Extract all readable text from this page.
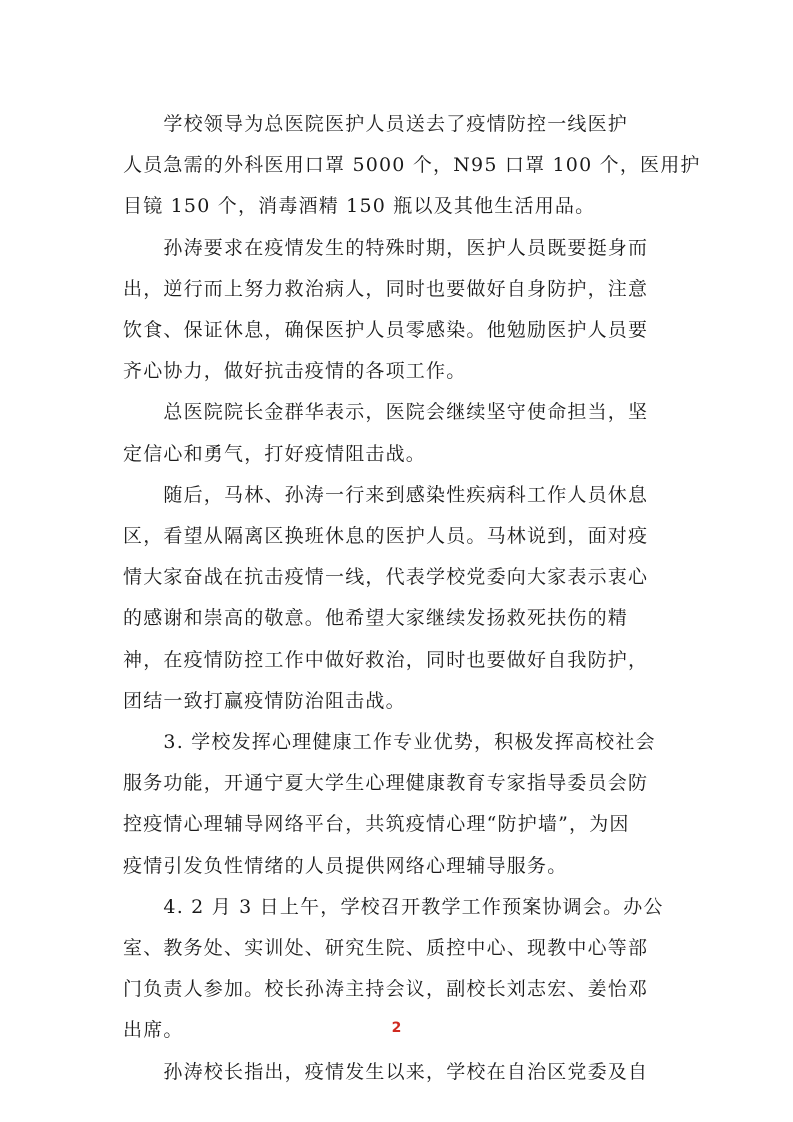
　　学校领导为总医院医护人员送去了疫情防控一线医护
人员急需的外科医用口罩 5000 个，N95 口罩 100 个，医用护
目镜 150 个，消毒酒精 150 瓶以及其他生活用品。

　　孙涛要求在疫情发生的特殊时期，医护人员既要挺身而
出，逆行而上努力救治病人，同时也要做好自身防护，注意
饮食、保证休息，确保医护人员零感染。他勉励医护人员要
齐心协力，做好抗击疫情的各项工作。

　　总医院院长金群华表示，医院会继续坚守使命担当，坚
定信心和勇气，打好疫情阻击战。

　　随后，马林、孙涛一行来到感染性疾病科工作人员休息
区，看望从隔离区换班休息的医护人员。马林说到，面对疫
情大家奋战在抗击疫情一线，代表学校党委向大家表示衷心
的感谢和崇高的敬意。他希望大家继续发扬救死扶伤的精
神，在疫情防控工作中做好救治，同时也要做好自我防护，
团结一致打赢疫情防治阻击战。

　　3. 学校发挥心理健康工作专业优势，积极发挥高校社会
服务功能，开通宁夏大学生心理健康教育专家指导委员会防
控疫情心理辅导网络平台，共筑疫情心理“防护墙”，为因
疫情引发负性情绪的人员提供网络心理辅导服务。

　　4. 2 月 3 日上午，学校召开教学工作预案协调会。办公
室、教务处、实训处、研究生院、质控中心、现教中心等部
门负责人参加。校长孙涛主持会议，副校长刘志宏、姜怡邓
出席。

　　孙涛校长指出，疫情发生以来，学校在自治区党委及自

2
